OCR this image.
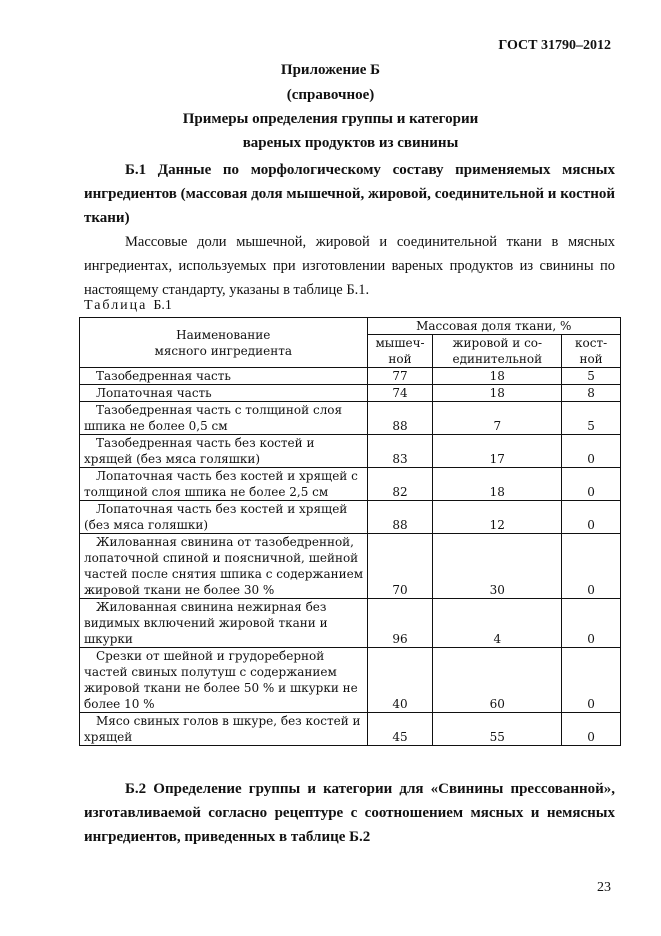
ГОСТ 31790–2012
Приложение Б
(справочное)
Примеры определения группы и категории
вареных продуктов из свинины
Б.1 Данные по морфологическому составу применяемых мясных ингредиентов (массовая доля мышечной, жировой, соединительной и костной ткани)
Массовые доли мышечной, жировой и соединительной ткани в мясных ингредиентах, используемых при изготовлении вареных продуктов из свинины по настоящему стандарту, указаны в таблице Б.1.
Таблица Б.1
Наименование мясного ингредиента	Массовая доля ткани, %		
	мышеч-ной	жировой и со-единительной	кост-ной

Тазобедренная часть	77	18	5

Лопаточная часть	74	18	8

Тазобедренная часть с толщиной слоя шпика не более 0,5 см	88	7	5

Тазобедренная часть без костей и хрящей (без мяса голяшки)	83	17	0

Лопаточная часть без костей и хрящей с толщиной слоя шпика не более 2,5 см	82	18	0

Лопаточная часть без костей и хрящей (без мяса голяшки)	88	12	0

Жилованная свинина от тазобедренной, лопаточной спиной и поясничной, шейной частей после снятия шпика с содержанием жировой ткани не более 30 %	70	30	0

Жилованная свинина нежирная без видимых включений жировой ткани и шкурки	96	4	0

Срезки от шейной и грудореберной частей свиных полутуш с содержанием жировой ткани не более 50 % и шкурки не более 10 %	40	60	0

Мясо свиных голов в шкуре, без костей и хрящей	45	55	0
Б.2 Определение группы и категории для «Свинины прессованной», изготавливаемой согласно рецептуре с соотношением мясных и немясных ингредиентов, приведенных в таблице Б.2
23
